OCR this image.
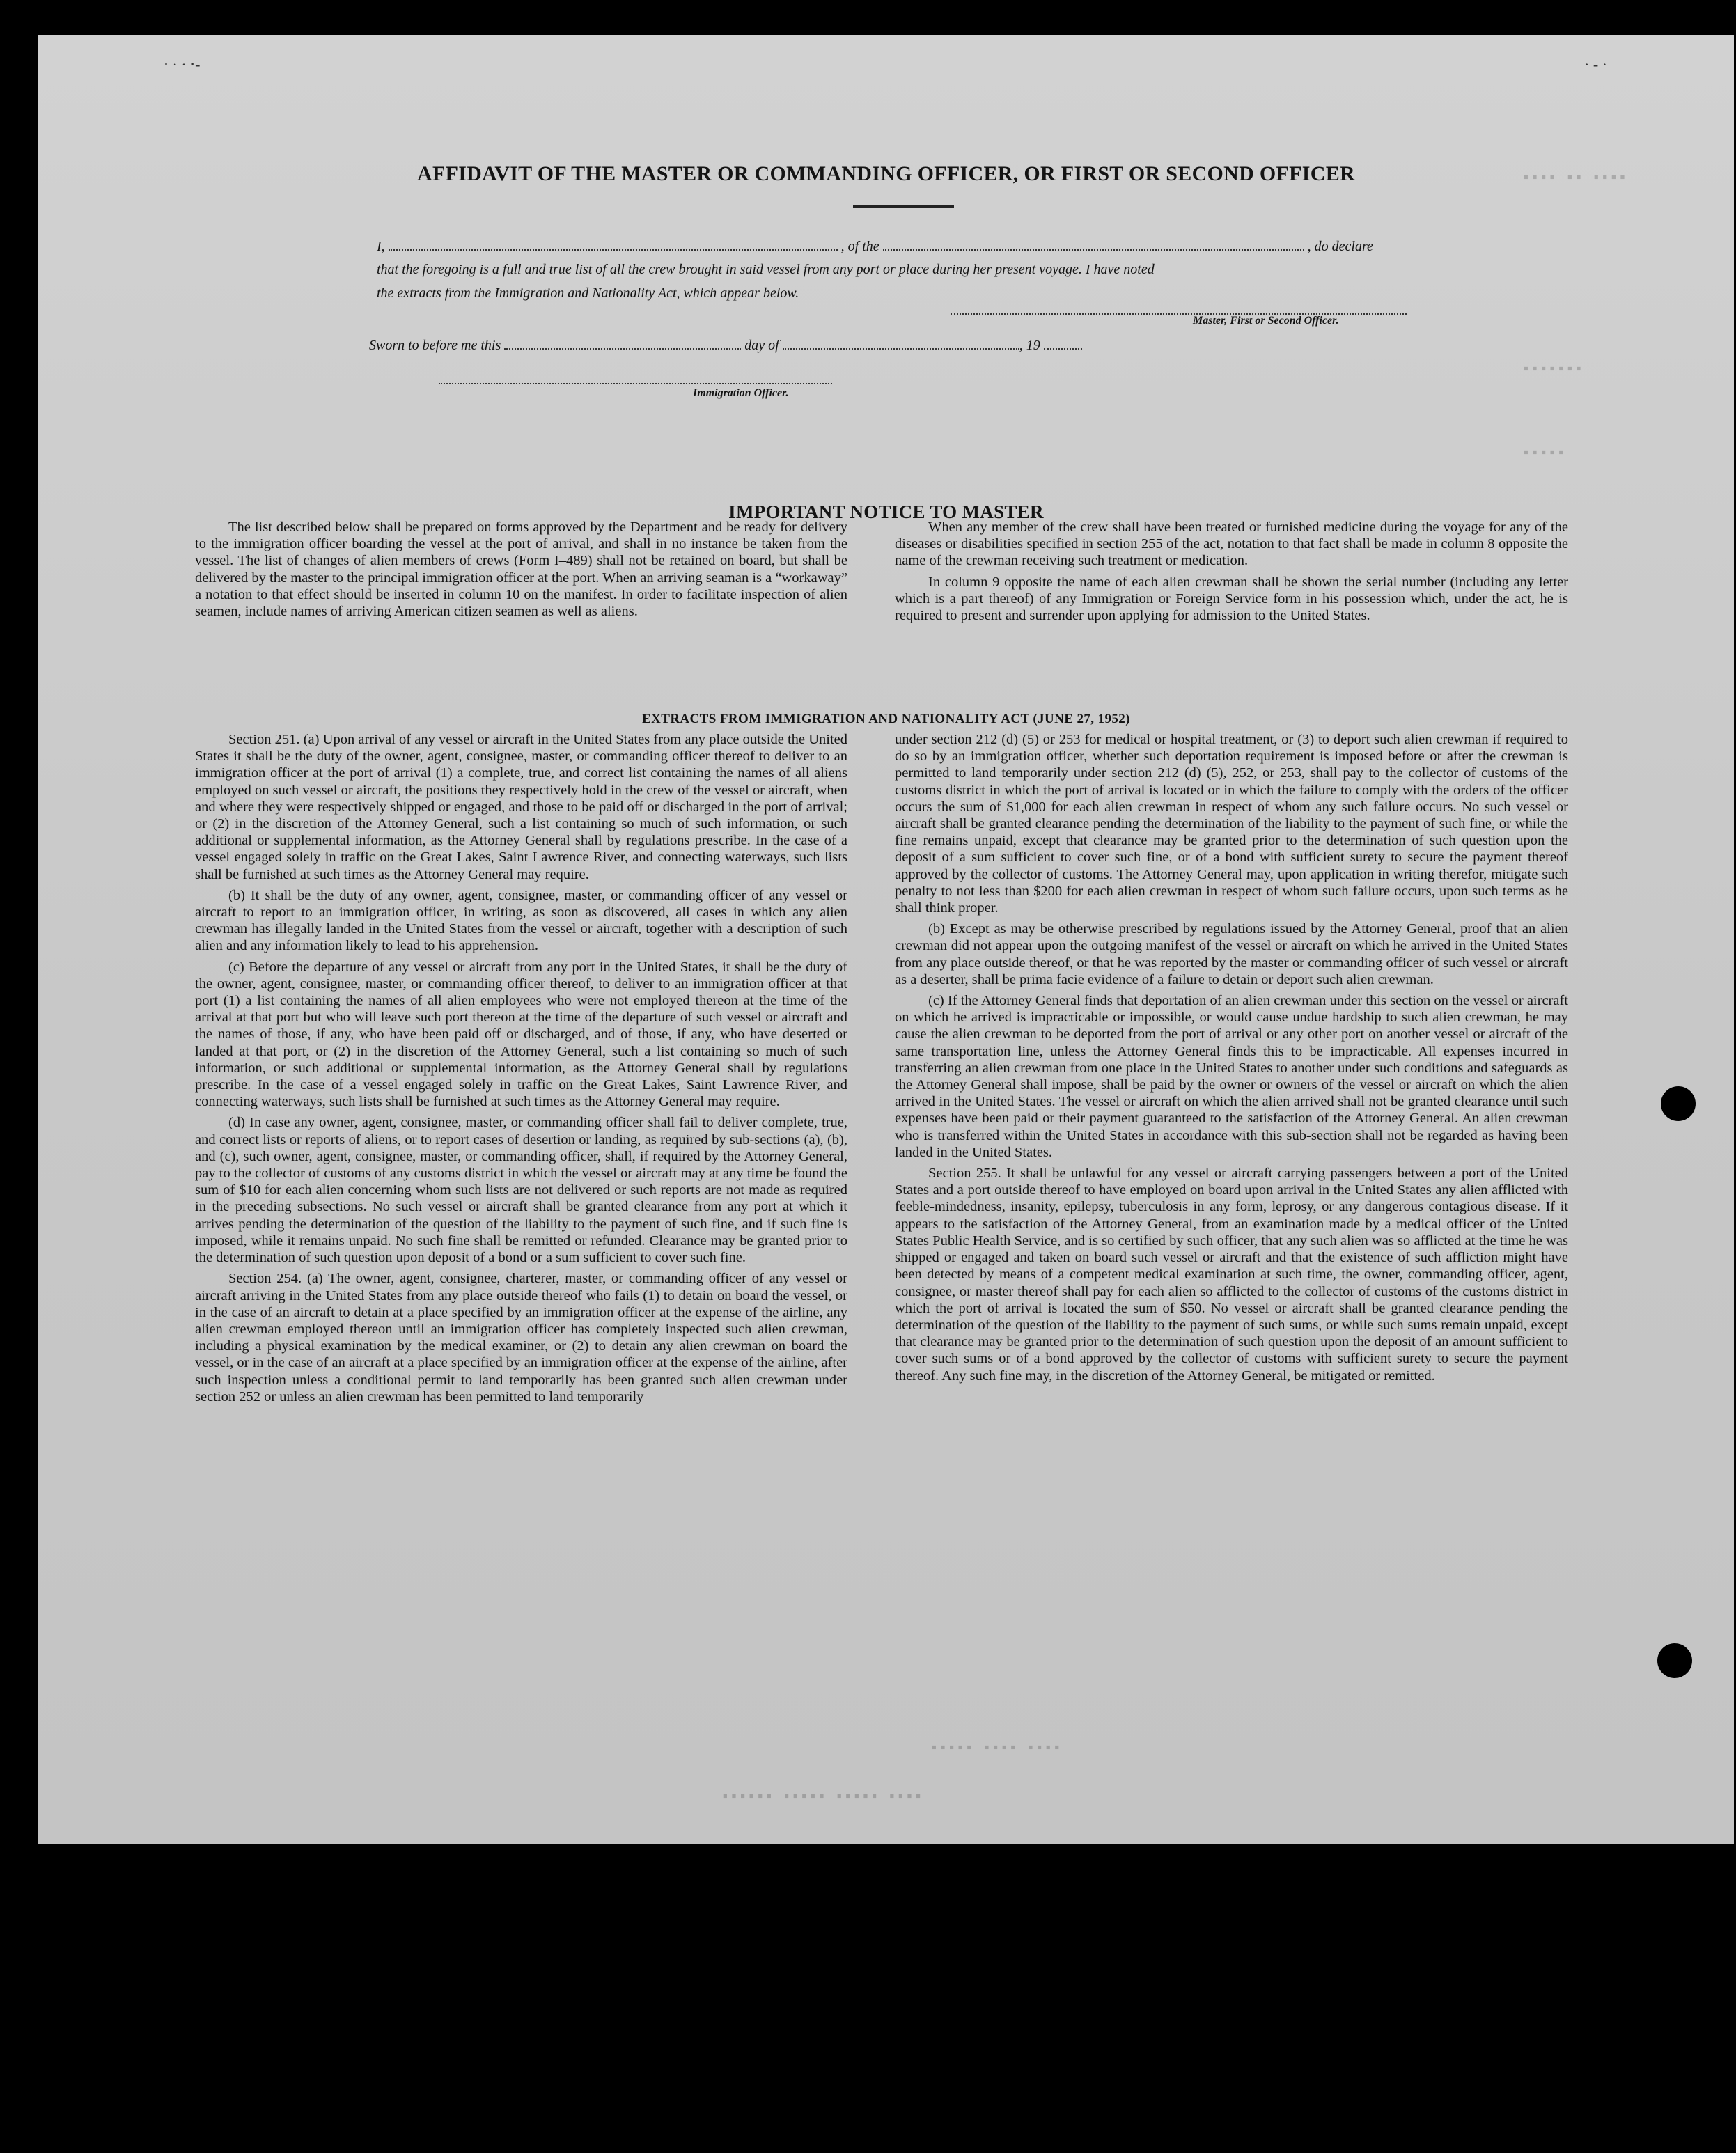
▪▪▪▪ ▪▪ ▪▪▪▪
▪▪▪▪▪▪▪
▪▪▪▪▪
▪▪▪▪▪ ▪▪▪▪ ▪▪▪▪
▪▪▪▪▪▪ ▪▪▪▪▪ ▪▪▪▪▪ ▪▪▪▪
‧ · · ‧-	· - ·
AFFIDAVIT OF THE MASTER OR COMMANDING OFFICER, OR FIRST OR SECOND OFFICER
I,	, of the	, do declare
that the foregoing is a full and true list of all the crew brought in said vessel from any port or place during her present voyage. I have noted
the extracts from the Immigration and Nationality Act, which appear below.
Master, First or Second Officer.
Sworn to before me this	day of	, 19
Immigration Officer.
IMPORTANT NOTICE TO MASTER

The list described below shall be prepared on forms approved by the Department and be ready for delivery to the immigration officer boarding the vessel at the port of arrival, and shall in no instance be taken from the vessel. The list of changes of alien members of crews (Form I–489) shall not be retained on board, but shall be delivered by the master to the principal immigration officer at the port. When an arriving seaman is a “workaway” a notation to that effect should be inserted in column 10 on the manifest. In order to facilitate inspection of alien seamen, include names of arriving American citizen seamen as well as aliens.

When any member of the crew shall have been treated or furnished medicine during the voyage for any of the diseases or disabilities specified in section 255 of the act, notation to that fact shall be made in column 8 opposite the name of the crewman receiving such treatment or medication.

In column 9 opposite the name of each alien crewman shall be shown the serial number (including any letter which is a part thereof) of any Immigration or Foreign Service form in his possession which, under the act, he is required to present and surrender upon applying for admission to the United States.

EXTRACTS FROM IMMIGRATION AND NATIONALITY ACT (JUNE 27, 1952)

Section 251. (a) Upon arrival of any vessel or aircraft in the United States from any place outside the United States it shall be the duty of the owner, agent, consignee, master, or commanding officer thereof to deliver to an immigration officer at the port of arrival (1) a complete, true, and correct list containing the names of all aliens employed on such vessel or aircraft, the positions they respectively hold in the crew of the vessel or aircraft, when and where they were respectively shipped or engaged, and those to be paid off or discharged in the port of arrival; or (2) in the discretion of the Attorney General, such a list containing so much of such information, or such additional or supplemental information, as the Attorney General shall by regulations prescribe. In the case of a vessel engaged solely in traffic on the Great Lakes, Saint Lawrence River, and connecting waterways, such lists shall be furnished at such times as the Attorney General may require.

(b) It shall be the duty of any owner, agent, consignee, master, or commanding officer of any vessel or aircraft to report to an immigration officer, in writing, as soon as discovered, all cases in which any alien crewman has illegally landed in the United States from the vessel or aircraft, together with a description of such alien and any information likely to lead to his apprehension.

(c) Before the departure of any vessel or aircraft from any port in the United States, it shall be the duty of the owner, agent, consignee, master, or commanding officer thereof, to deliver to an immigration officer at that port (1) a list containing the names of all alien employees who were not employed thereon at the time of the arrival at that port but who will leave such port thereon at the time of the departure of such vessel or aircraft and the names of those, if any, who have been paid off or discharged, and of those, if any, who have deserted or landed at that port, or (2) in the discretion of the Attorney General, such a list containing so much of such information, or such additional or supplemental information, as the Attorney General shall by regulations prescribe. In the case of a vessel engaged solely in traffic on the Great Lakes, Saint Lawrence River, and connecting waterways, such lists shall be furnished at such times as the Attorney General may require.

(d) In case any owner, agent, consignee, master, or commanding officer shall fail to deliver complete, true, and correct lists or reports of aliens, or to report cases of desertion or landing, as required by sub-sections (a), (b), and (c), such owner, agent, consignee, master, or commanding officer, shall, if required by the Attorney General, pay to the collector of customs of any customs district in which the vessel or aircraft may at any time be found the sum of $10 for each alien concerning whom such lists are not delivered or such reports are not made as required in the preceding subsections. No such vessel or aircraft shall be granted clearance from any port at which it arrives pending the determination of the question of the liability to the payment of such fine, and if such fine is imposed, while it remains unpaid. No such fine shall be remitted or refunded. Clearance may be granted prior to the determination of such question upon deposit of a bond or a sum sufficient to cover such fine.

Section 254. (a) The owner, agent, consignee, charterer, master, or commanding officer of any vessel or aircraft arriving in the United States from any place outside thereof who fails (1) to detain on board the vessel, or in the case of an aircraft to detain at a place specified by an immigration officer at the expense of the airline, any alien crewman employed thereon until an immigration officer has completely inspected such alien crewman, including a physical examination by the medical examiner, or (2) to detain any alien crewman on board the vessel, or in the case of an aircraft at a place specified by an immigration officer at the expense of the airline, after such inspection unless a conditional permit to land temporarily has been granted such alien crewman under section 252 or unless an alien crewman has been permitted to land temporarily

under section 212 (d) (5) or 253 for medical or hospital treatment, or (3) to deport such alien crewman if required to do so by an immigration officer, whether such deportation requirement is imposed before or after the crewman is permitted to land temporarily under section 212 (d) (5), 252, or 253, shall pay to the collector of customs of the customs district in which the port of arrival is located or in which the failure to comply with the orders of the officer occurs the sum of $1,000 for each alien crewman in respect of whom any such failure occurs. No such vessel or aircraft shall be granted clearance pending the determination of the liability to the payment of such fine, or while the fine remains unpaid, except that clearance may be granted prior to the determination of such question upon the deposit of a sum sufficient to cover such fine, or of a bond with sufficient surety to secure the payment thereof approved by the collector of customs. The Attorney General may, upon application in writing therefor, mitigate such penalty to not less than $200 for each alien crewman in respect of whom such failure occurs, upon such terms as he shall think proper.

(b) Except as may be otherwise prescribed by regulations issued by the Attorney General, proof that an alien crewman did not appear upon the outgoing manifest of the vessel or aircraft on which he arrived in the United States from any place outside thereof, or that he was reported by the master or commanding officer of such vessel or aircraft as a deserter, shall be prima facie evidence of a failure to detain or deport such alien crewman.

(c) If the Attorney General finds that deportation of an alien crewman under this section on the vessel or aircraft on which he arrived is impracticable or impossible, or would cause undue hardship to such alien crewman, he may cause the alien crewman to be deported from the port of arrival or any other port on another vessel or aircraft of the same transportation line, unless the Attorney General finds this to be impracticable. All expenses incurred in transferring an alien crewman from one place in the United States to another under such conditions and safeguards as the Attorney General shall impose, shall be paid by the owner or owners of the vessel or aircraft on which the alien arrived in the United States. The vessel or aircraft on which the alien arrived shall not be granted clearance until such expenses have been paid or their payment guaranteed to the satisfaction of the Attorney General. An alien crewman who is transferred within the United States in accordance with this sub-section shall not be regarded as having been landed in the United States.

Section 255. It shall be unlawful for any vessel or aircraft carrying passengers between a port of the United States and a port outside thereof to have employed on board upon arrival in the United States any alien afflicted with feeble-mindedness, insanity, epilepsy, tuberculosis in any form, leprosy, or any dangerous contagious disease. If it appears to the satisfaction of the Attorney General, from an examination made by a medical officer of the United States Public Health Service, and is so certified by such officer, that any such alien was so afflicted at the time he was shipped or engaged and taken on board such vessel or aircraft and that the existence of such affliction might have been detected by means of a competent medical examination at such time, the owner, commanding officer, agent, consignee, or master thereof shall pay for each alien so afflicted to the collector of customs of the customs district in which the port of arrival is located the sum of $50. No vessel or aircraft shall be granted clearance pending the determination of the question of the liability to the payment of such sums, or while such sums remain unpaid, except that clearance may be granted prior to the determination of such question upon the deposit of an amount sufficient to cover such sums or of a bond approved by the collector of customs with sufficient surety to secure the payment thereof. Any such fine may, in the discretion of the Attorney General, be mitigated or remitted.
